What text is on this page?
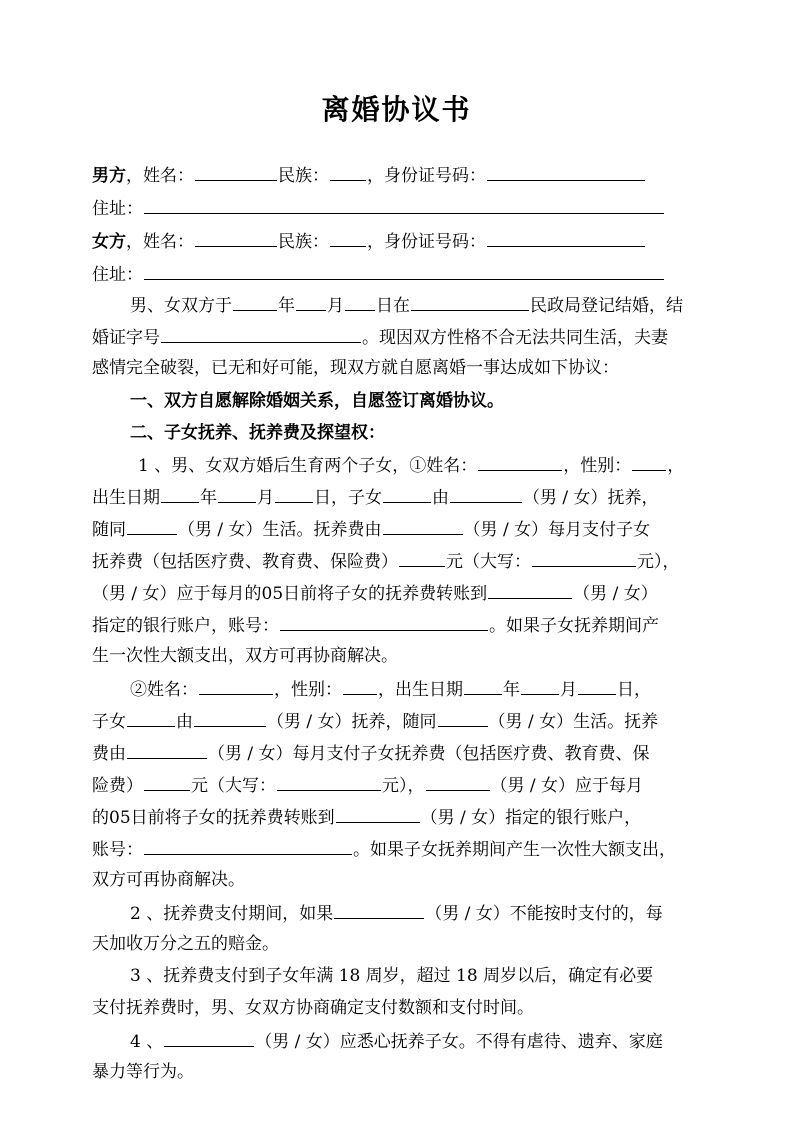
离婚协议书
男方，姓名：	民族： ，身份证号码：
住址：
女方，姓名：	民族： ，身份证号码：
住址：
男、女双方于	年 月 日在	民政局登记结婚，结
婚证字号	。现因双方性格不合无法共同生活，夫妻
感情完全破裂，已无和好可能，现双方就自愿离婚一事达成如下协议：
一、双方自愿解除婚姻关系，自愿签订离婚协议。
二、子女抚养、抚养费及探望权：
1 、男、女双方婚后生育两个子女，①姓名：	，性别： ，
出生日期 年 月 日，子女	由	（男 / 女）抚养，
随同	（男 / 女）生活。抚养费由	（男 / 女）每月支付子女
抚养费（包括医疗费、教育费、保险费）	元（大写：	元），
（男 / 女）应于每月的05日前将子女的抚养费转账到	（男 / 女）
指定的银行账户，账号：	。如果子女抚养期间产
生一次性大额支出，双方可再协商解决。
②姓名：	，性别： ，出生日期 年 月 日，
子女	由	（男 / 女）抚养，随同	（男 / 女）生活。抚养
费由	（男 / 女）每月支付子女抚养费（包括医疗费、教育费、保
险费）	元（大写：	元），	（男 / 女）应于每月
的05日前将子女的抚养费转账到	（男 / 女）指定的银行账户，
账号：	。如果子女抚养期间产生一次性大额支出，
双方可再协商解决。
2 、抚养费支付期间，如果	（男 / 女）不能按时支付的，每
天加收万分之五的赔金。
3 、抚养费支付到子女年满 18 周岁，超过 18 周岁以后，确定有必要
支付抚养费时，男、女双方协商确定支付数额和支付时间。
4 、	（男 / 女）应悉心抚养子女。不得有虐待、遗弃、家庭
暴力等行为。
